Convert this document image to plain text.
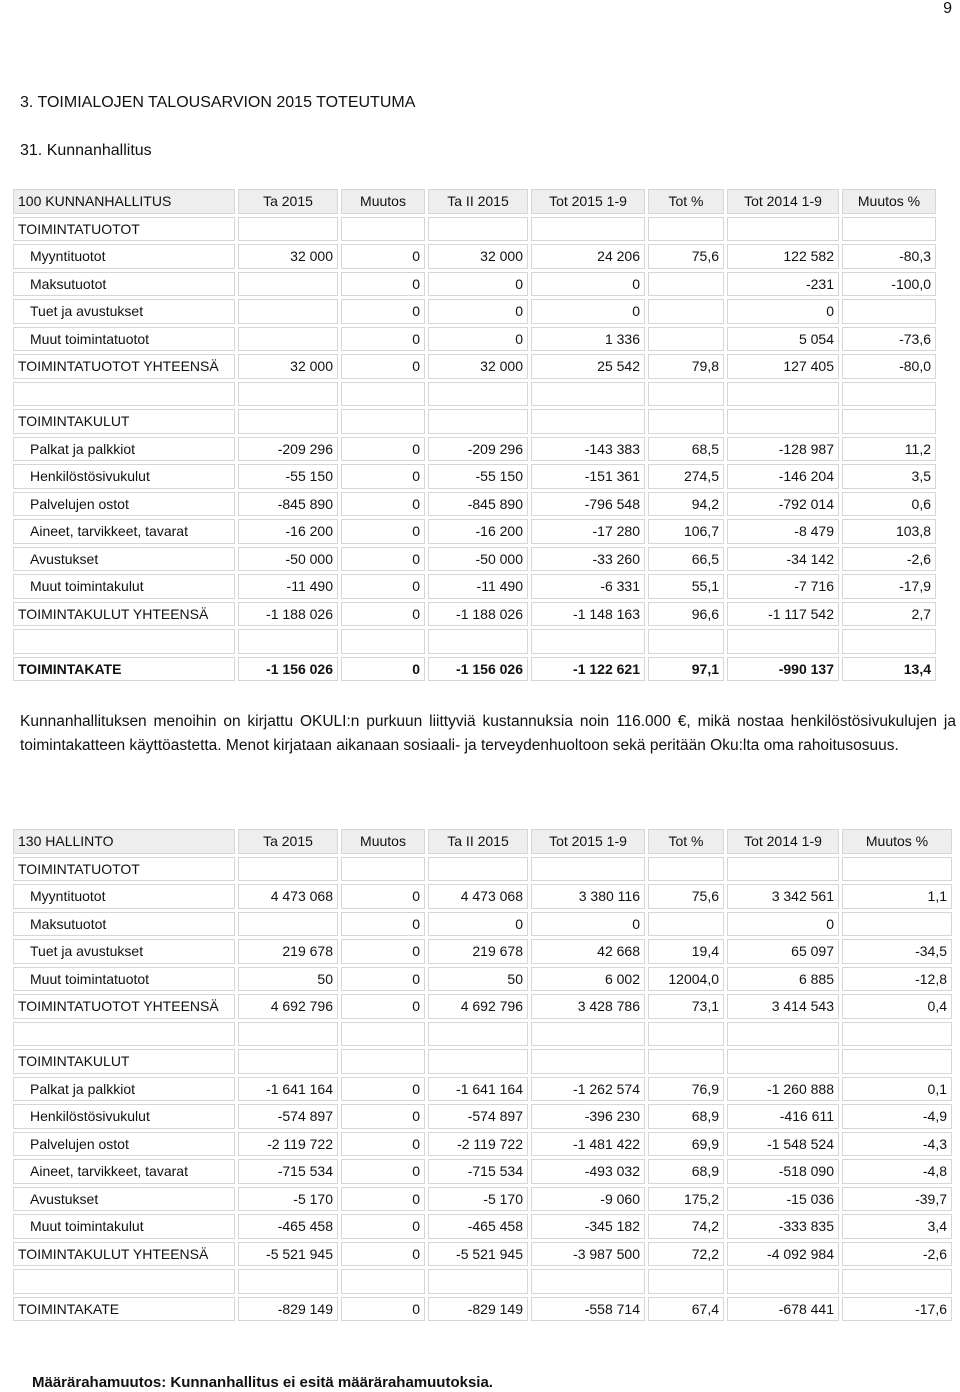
9
3. TOIMIALOJEN TALOUSARVION 2015 TOTEUTUMA
31. Kunnanhallitus
100 KUNNANHALLITUS	Ta 2015	Muutos	Ta II 2015	Tot 2015 1-9	Tot %	Tot 2014 1-9	Muutos %
TOIMINTATUOTOT							
Myyntituotot	32 000	0	32 000	24 206	75,6	122 582	-80,3
Maksutuotot		0	0	0		-231	-100,0
Tuet ja avustukset		0	0	0		0	
Muut toimintatuotot		0	0	1 336		5 054	-73,6
TOIMINTATUOTOT YHTEENSÄ	32 000	0	32 000	25 542	79,8	127 405	-80,0

TOIMINTAKULUT							
Palkat ja palkkiot	-209 296	0	-209 296	-143 383	68,5	-128 987	11,2
Henkilöstösivukulut	-55 150	0	-55 150	-151 361	274,5	-146 204	3,5
Palvelujen ostot	-845 890	0	-845 890	-796 548	94,2	-792 014	0,6
Aineet, tarvikkeet, tavarat	-16 200	0	-16 200	-17 280	106,7	-8 479	103,8
Avustukset	-50 000	0	-50 000	-33 260	66,5	-34 142	-2,6
Muut toimintakulut	-11 490	0	-11 490	-6 331	55,1	-7 716	-17,9
TOIMINTAKULUT YHTEENSÄ	-1 188 026	0	-1 188 026	-1 148 163	96,6	-1 117 542	2,7

TOIMINTAKATE	-1 156 026	0	-1 156 026	-1 122 621	97,1	-990 137	13,4
Kunnanhallituksen menoihin on kirjattu OKULI:n purkuun liittyviä kustannuksia noin 116.000 €, mikä nostaa henkilöstösivukulujen ja toimintakatteen käyttöastetta. Menot kirjataan aikanaan sosiaali- ja terveydenhuoltoon sekä peritään Oku:lta oma rahoitusosuus.
130 HALLINTO	Ta 2015	Muutos	Ta II 2015	Tot 2015 1-9	Tot %	Tot 2014 1-9	Muutos %
TOIMINTATUOTOT							
Myyntituotot	4 473 068	0	4 473 068	3 380 116	75,6	3 342 561	1,1
Maksutuotot		0	0	0		0	
Tuet ja avustukset	219 678	0	219 678	42 668	19,4	65 097	-34,5
Muut toimintatuotot	50	0	50	6 002	12004,0	6 885	-12,8
TOIMINTATUOTOT YHTEENSÄ	4 692 796	0	4 692 796	3 428 786	73,1	3 414 543	0,4

TOIMINTAKULUT							
Palkat ja palkkiot	-1 641 164	0	-1 641 164	-1 262 574	76,9	-1 260 888	0,1
Henkilöstösivukulut	-574 897	0	-574 897	-396 230	68,9	-416 611	-4,9
Palvelujen ostot	-2 119 722	0	-2 119 722	-1 481 422	69,9	-1 548 524	-4,3
Aineet, tarvikkeet, tavarat	-715 534	0	-715 534	-493 032	68,9	-518 090	-4,8
Avustukset	-5 170	0	-5 170	-9 060	175,2	-15 036	-39,7
Muut toimintakulut	-465 458	0	-465 458	-345 182	74,2	-333 835	3,4
TOIMINTAKULUT YHTEENSÄ	-5 521 945	0	-5 521 945	-3 987 500	72,2	-4 092 984	-2,6

TOIMINTAKATE	-829 149	0	-829 149	-558 714	67,4	-678 441	-17,6
Määrärahamuutos: Kunnanhallitus ei esitä määrärahamuutoksia.
